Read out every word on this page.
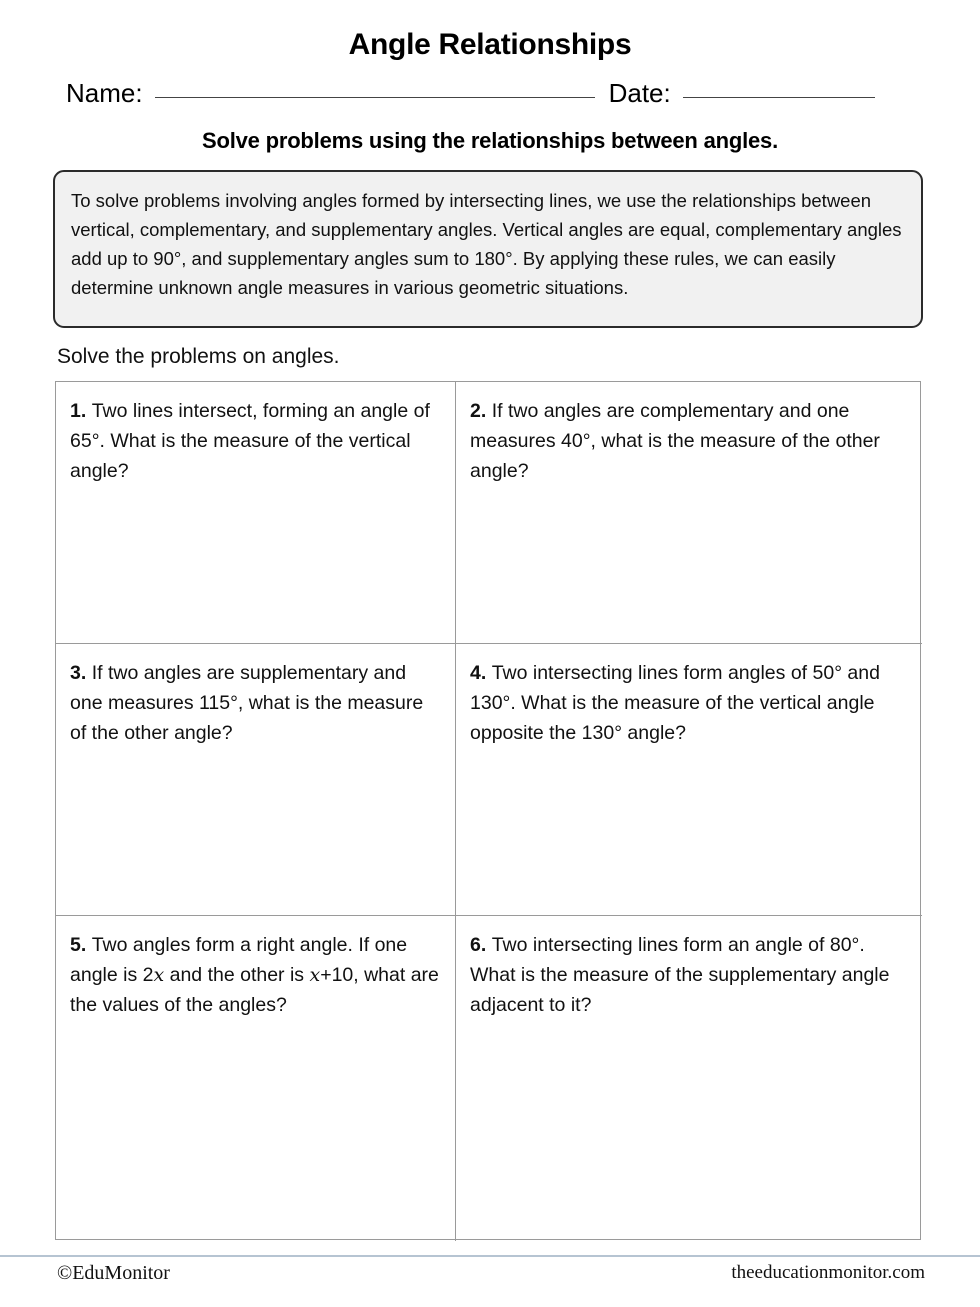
Angle Relationships
Name:	Date:
Solve problems using the relationships between angles.

To solve problems involving angles formed by intersecting lines, we use the relationships between vertical, complementary, and supplementary angles. Vertical angles are equal, complementary angles add up to 90°, and supplementary angles sum to 180°. By applying these rules, we can easily determine unknown angle measures in various geometric situations.

Solve the problems on angles.
1. Two lines intersect, forming an angle of 65°. What is the measure of the vertical angle?
2. If two angles are complementary and one measures 40°, what is the measure of the other angle?
3. If two angles are supplementary and one measures 115°, what is the measure of the other angle?
4. Two intersecting lines form angles of 50° and 130°. What is the measure of the vertical angle opposite the 130° angle?
5. Two angles form a right angle. If one angle is 2x and the other is x+10, what are the values of the angles?
6. Two intersecting lines form an angle of 80°. What is the measure of the supplementary angle adjacent to it?
©EduMonitor	theeducationmonitor.com
